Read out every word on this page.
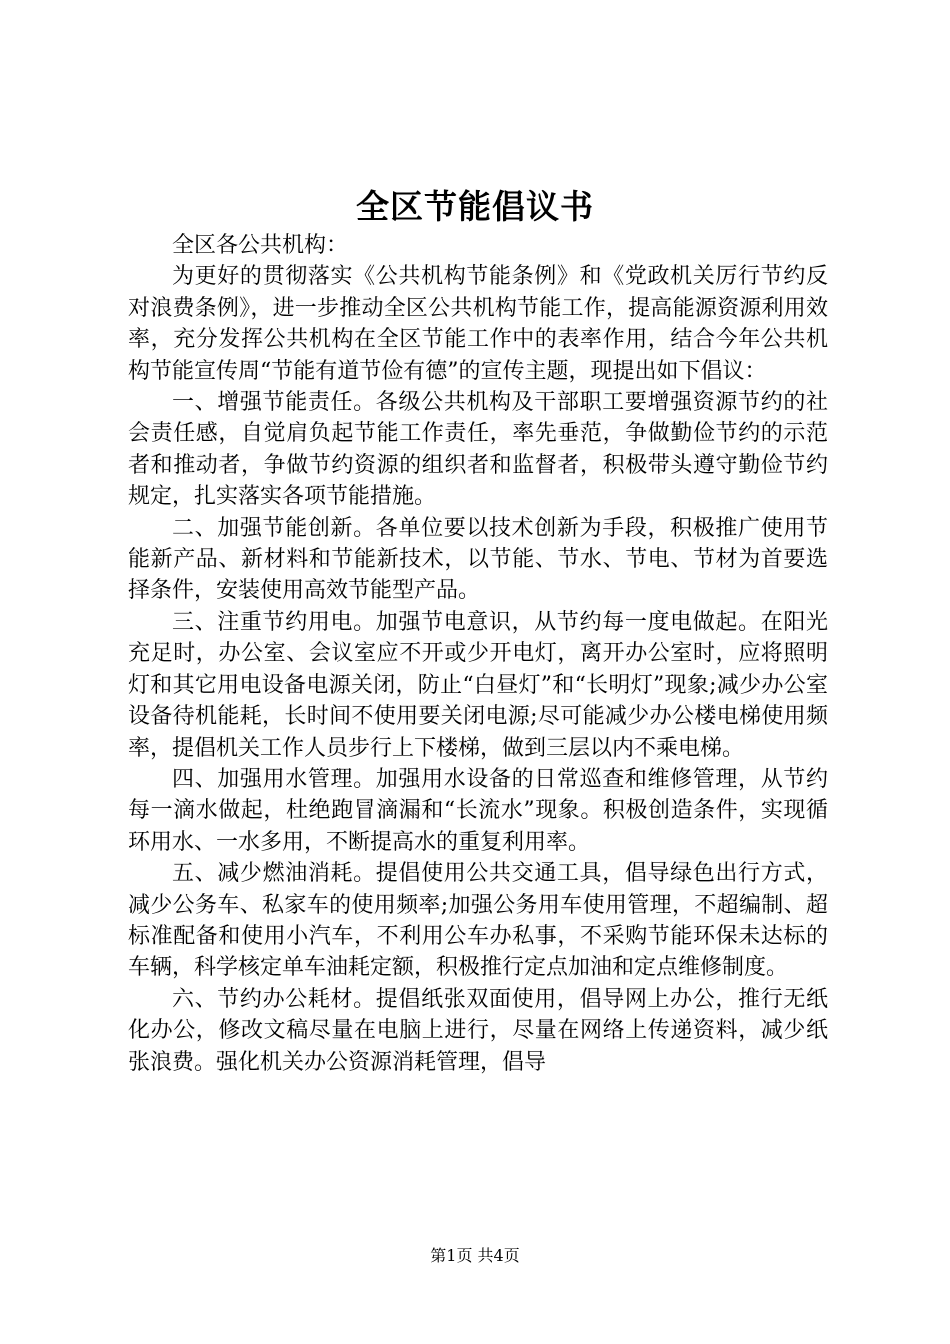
全区节能倡议书

全区各公共机构：

为更好的贯彻落实《公共机构节能条例》和《党政机关厉行节约反对浪费条例》，进一步推动全区公共机构节能工作，提高能源资源利用效率，充分发挥公共机构在全区节能工作中的表率作用，结合今年公共机构节能宣传周“节能有道节俭有德”的宣传主题，现提出如下倡议：

一、增强节能责任。各级公共机构及干部职工要增强资源节约的社会责任感，自觉肩负起节能工作责任，率先垂范，争做勤俭节约的示范者和推动者，争做节约资源的组织者和监督者，积极带头遵守勤俭节约规定，扎实落实各项节能措施。

二、加强节能创新。各单位要以技术创新为手段，积极推广使用节能新产品、新材料和节能新技术，以节能、节水、节电、节材为首要选择条件，安装使用高效节能型产品。

三、注重节约用电。加强节电意识，从节约每一度电做起。在阳光充足时，办公室、会议室应不开或少开电灯，离开办公室时，应将照明灯和其它用电设备电源关闭，防止“白昼灯”和“长明灯”现象;减少办公室设备待机能耗，长时间不使用要关闭电源;尽可能减少办公楼电梯使用频率，提倡机关工作人员步行上下楼梯，做到三层以内不乘电梯。

四、加强用水管理。加强用水设备的日常巡查和维修管理，从节约每一滴水做起，杜绝跑冒滴漏和“长流水”现象。积极创造条件，实现循环用水、一水多用，不断提高水的重复利用率。

五、减少燃油消耗。提倡使用公共交通工具，倡导绿色出行方式，减少公务车、私家车的使用频率;加强公务用车使用管理，不超编制、超标准配备和使用小汽车，不利用公车办私事，不采购节能环保未达标的车辆，科学核定单车油耗定额，积极推行定点加油和定点维修制度。

六、节约办公耗材。提倡纸张双面使用，倡导网上办公，推行无纸化办公，修改文稿尽量在电脑上进行，尽量在网络上传递资料，减少纸张浪费。强化机关办公资源消耗管理，倡导

第1页 共4页
